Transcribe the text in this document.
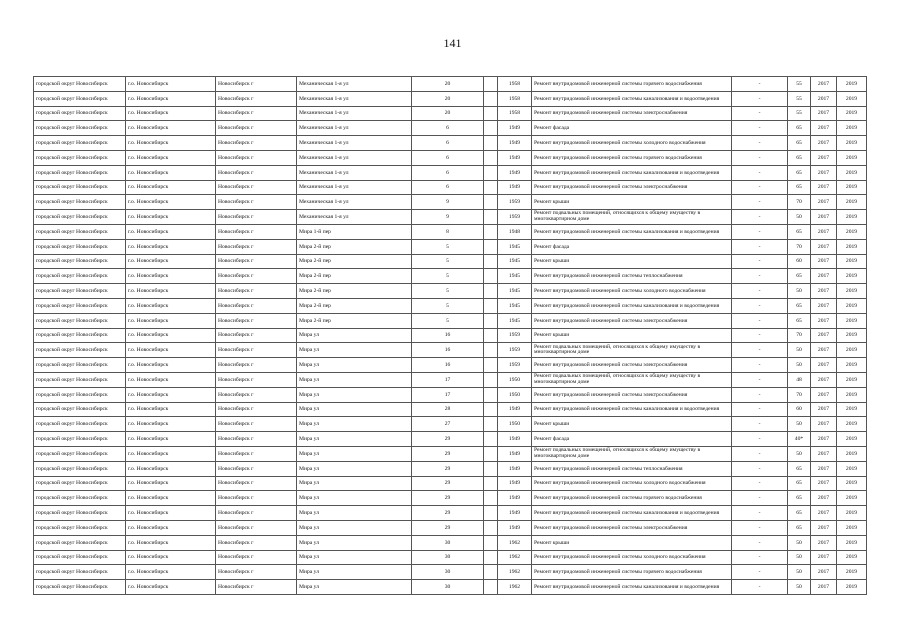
141
городской округ Новосибирск	г.о. Новосибирск	Новосибирск г	Механическая 1-я ул	20		1958	Ремонт внутридомовой инженерной системы горячего водоснабжения	-	55	2017	2019
городской округ Новосибирск	г.о. Новосибирск	Новосибирск г	Механическая 1-я ул	20		1958	Ремонт внутридомовой инженерной системы канализования и водоотведения	-	55	2017	2019
городской округ Новосибирск	г.о. Новосибирск	Новосибирск г	Механическая 1-я ул	20		1958	Ремонт внутридомовой инженерной системы электроснабжения	-	55	2017	2019
городской округ Новосибирск	г.о. Новосибирск	Новосибирск г	Механическая 1-я ул	6		1949	Ремонт фасада	-	65	2017	2019
городской округ Новосибирск	г.о. Новосибирск	Новосибирск г	Механическая 1-я ул	6		1949	Ремонт внутридомовой инженерной системы холодного водоснабжения	-	65	2017	2019
городской округ Новосибирск	г.о. Новосибирск	Новосибирск г	Механическая 1-я ул	6		1949	Ремонт внутридомовой инженерной системы горячего водоснабжения	-	65	2017	2019
городской округ Новосибирск	г.о. Новосибирск	Новосибирск г	Механическая 1-я ул	6		1949	Ремонт внутридомовой инженерной системы канализования и водоотведения	-	65	2017	2019
городской округ Новосибирск	г.о. Новосибирск	Новосибирск г	Механическая 1-я ул	6		1949	Ремонт внутридомовой инженерной системы электроснабжения	-	65	2017	2019
городской округ Новосибирск	г.о. Новосибирск	Новосибирск г	Механическая 1-я ул	9		1959	Ремонт крыши	-	70	2017	2019
городской округ Новосибирск	г.о. Новосибирск	Новосибирск г	Механическая 1-я ул	9		1959	Ремонт подвальных помещений, относящихся к общему имуществу в многоквартирном доме	-	50	2017	2019
городской округ Новосибирск	г.о. Новосибирск	Новосибирск г	Мира 1-й пер	8		1948	Ремонт внутридомовой инженерной системы канализования и водоотведения	-	65	2017	2019
городской округ Новосибирск	г.о. Новосибирск	Новосибирск г	Мира 2-й пер	5		1945	Ремонт фасада	-	70	2017	2019
городской округ Новосибирск	г.о. Новосибирск	Новосибирск г	Мира 2-й пер	5		1945	Ремонт крыши	-	60	2017	2019
городской округ Новосибирск	г.о. Новосибирск	Новосибирск г	Мира 2-й пер	5		1945	Ремонт внутридомовой инженерной системы теплоснабжения	-	65	2017	2019
городской округ Новосибирск	г.о. Новосибирск	Новосибирск г	Мира 2-й пер	5		1945	Ремонт внутридомовой инженерной системы холодного водоснабжения	-	50	2017	2019
городской округ Новосибирск	г.о. Новосибирск	Новосибирск г	Мира 2-й пер	5		1945	Ремонт внутридомовой инженерной системы канализования и водоотведения	-	65	2017	2019
городской округ Новосибирск	г.о. Новосибирск	Новосибирск г	Мира 2-й пер	5		1945	Ремонт внутридомовой инженерной системы электроснабжения	-	65	2017	2019
городской округ Новосибирск	г.о. Новосибирск	Новосибирск г	Мира ул	16		1959	Ремонт крыши	-	70	2017	2019
городской округ Новосибирск	г.о. Новосибирск	Новосибирск г	Мира ул	16		1959	Ремонт подвальных помещений, относящихся к общему имуществу в многоквартирном доме	-	50	2017	2019
городской округ Новосибирск	г.о. Новосибирск	Новосибирск г	Мира ул	16		1959	Ремонт внутридомовой инженерной системы электроснабжения	-	50	2017	2019
городской округ Новосибирск	г.о. Новосибирск	Новосибирск г	Мира ул	17		1950	Ремонт подвальных помещений, относящихся к общему имуществу в многоквартирном доме	-	48	2017	2019
городской округ Новосибирск	г.о. Новосибирск	Новосибирск г	Мира ул	17		1950	Ремонт внутридомовой инженерной системы электроснабжения	-	70	2017	2019
городской округ Новосибирск	г.о. Новосибирск	Новосибирск г	Мира ул	28		1949	Ремонт внутридомовой инженерной системы канализования и водоотведения	-	60	2017	2019
городской округ Новосибирск	г.о. Новосибирск	Новосибирск г	Мира ул	27		1950	Ремонт крыши	-	50	2017	2019
городской округ Новосибирск	г.о. Новосибирск	Новосибирск г	Мира ул	29		1949	Ремонт фасада	-	40*	2017	2019
городской округ Новосибирск	г.о. Новосибирск	Новосибирск г	Мира ул	29		1949	Ремонт подвальных помещений, относящихся к общему имуществу в многоквартирном доме	-	50	2017	2019
городской округ Новосибирск	г.о. Новосибирск	Новосибирск г	Мира ул	29		1949	Ремонт внутридомовой инженерной системы теплоснабжения	-	65	2017	2019
городской округ Новосибирск	г.о. Новосибирск	Новосибирск г	Мира ул	29		1949	Ремонт внутридомовой инженерной системы холодного водоснабжения	-	65	2017	2019
городской округ Новосибирск	г.о. Новосибирск	Новосибирск г	Мира ул	29		1949	Ремонт внутридомовой инженерной системы горячего водоснабжения	-	65	2017	2019
городской округ Новосибирск	г.о. Новосибирск	Новосибирск г	Мира ул	29		1949	Ремонт внутридомовой инженерной системы канализования и водоотведения	-	65	2017	2019
городской округ Новосибирск	г.о. Новосибирск	Новосибирск г	Мира ул	29		1949	Ремонт внутридомовой инженерной системы электроснабжения	-	65	2017	2019
городской округ Новосибирск	г.о. Новосибирск	Новосибирск г	Мира ул	30		1962	Ремонт крыши	-	50	2017	2019
городской округ Новосибирск	г.о. Новосибирск	Новосибирск г	Мира ул	30		1962	Ремонт внутридомовой инженерной системы холодного водоснабжения	-	50	2017	2019
городской округ Новосибирск	г.о. Новосибирск	Новосибирск г	Мира ул	30		1962	Ремонт внутридомовой инженерной системы горячего водоснабжения	-	50	2017	2019
городской округ Новосибирск	г.о. Новосибирск	Новосибирск г	Мира ул	30		1962	Ремонт внутридомовой инженерной системы канализования и водоотведения	-	50	2017	2019
